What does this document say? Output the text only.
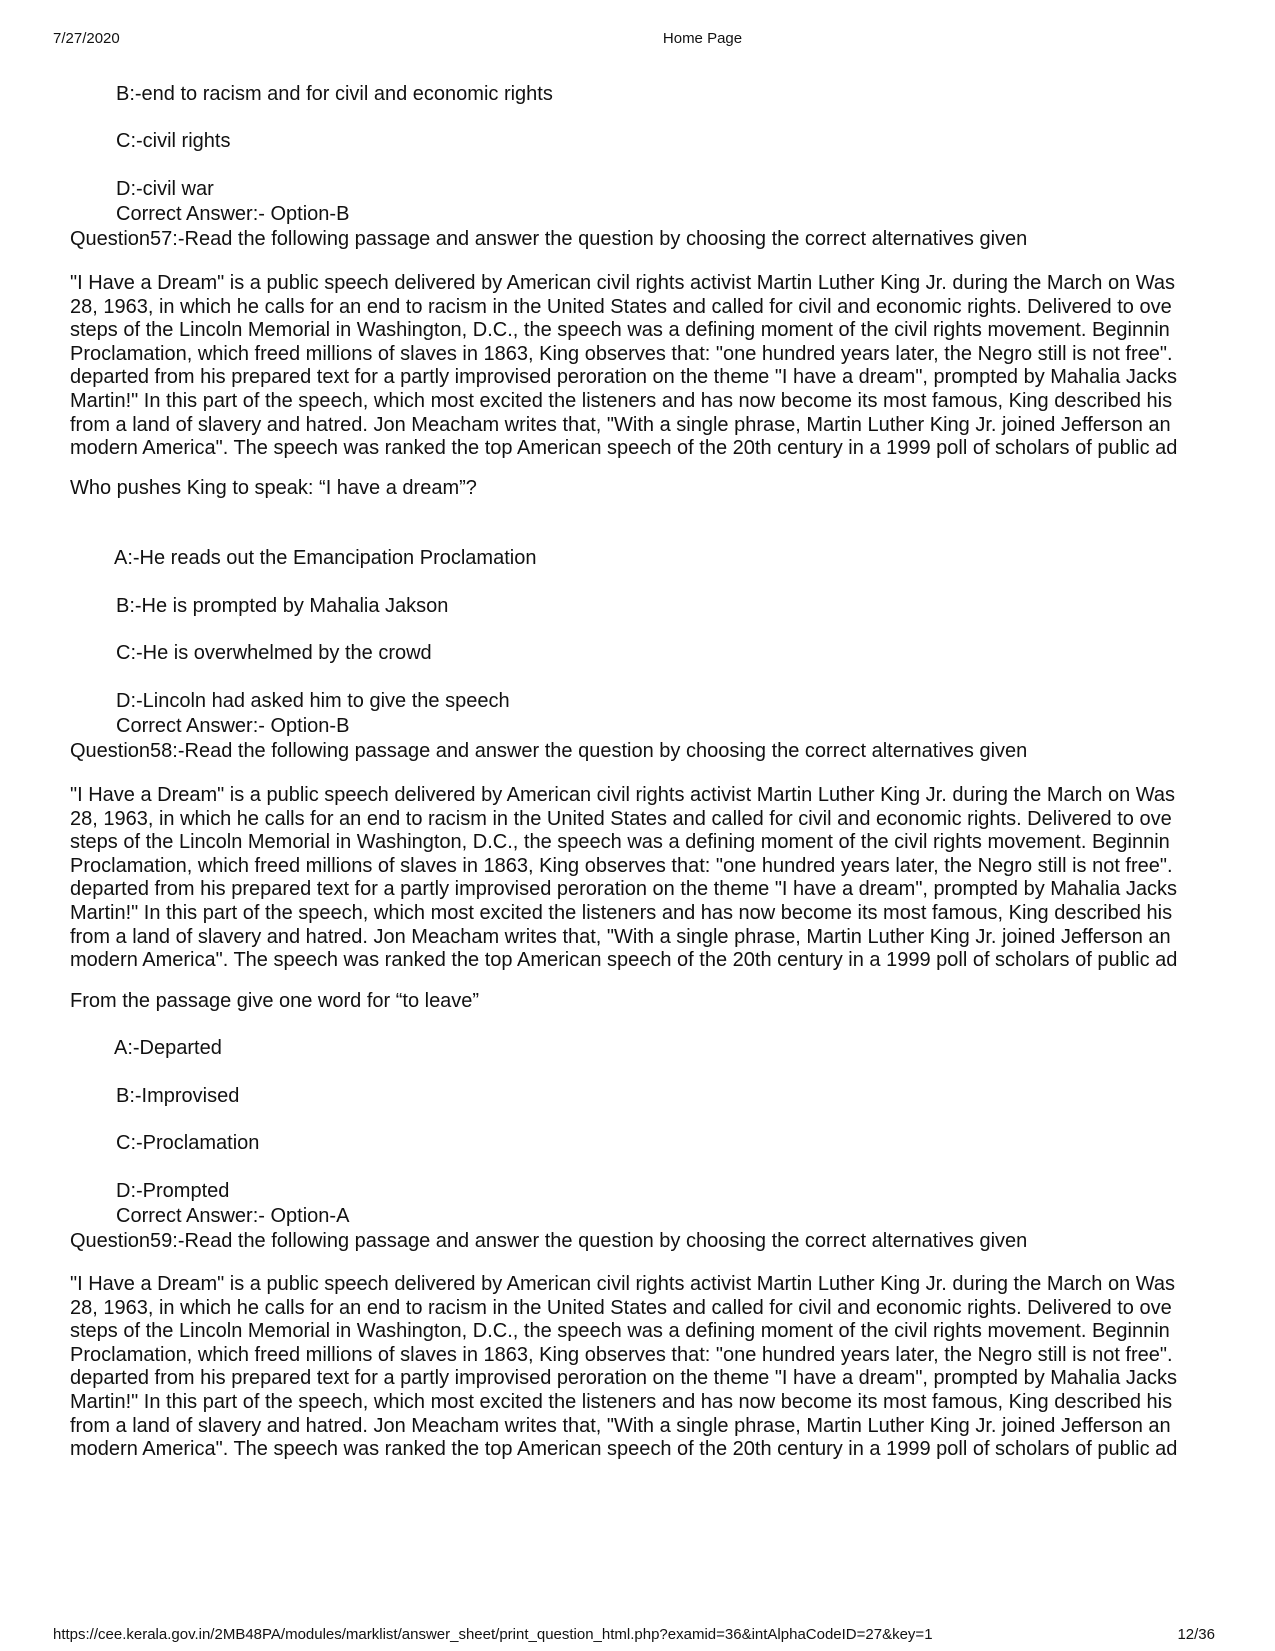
7/27/2020	Home Page
B:-end to racism and for civil and economic rights
C:-civil rights
D:-civil war
Correct Answer:- Option-B
Question57:-Read the following passage and answer the question by choosing the correct alternatives given
"I Have a Dream" is a public speech delivered by American civil rights activist Martin Luther King Jr. during the March on Was
28, 1963, in which he calls for an end to racism in the United States and called for civil and economic rights. Delivered to ove
steps of the Lincoln Memorial in Washington, D.C., the speech was a defining moment of the civil rights movement. Beginnin
Proclamation, which freed millions of slaves in 1863, King observes that: "one hundred years later, the Negro still is not free".
departed from his prepared text for a partly improvised peroration on the theme "I have a dream", prompted by Mahalia Jacks
Martin!" In this part of the speech, which most excited the listeners and has now become its most famous, King described his
from a land of slavery and hatred. Jon Meacham writes that, "With a single phrase, Martin Luther King Jr. joined Jefferson an
modern America". The speech was ranked the top American speech of the 20th century in a 1999 poll of scholars of public ad
Who pushes King to speak: “I have a dream”?
A:-He reads out the Emancipation Proclamation
B:-He is prompted by Mahalia Jakson
C:-He is overwhelmed by the crowd
D:-Lincoln had asked him to give the speech
Correct Answer:- Option-B
Question58:-Read the following passage and answer the question by choosing the correct alternatives given
"I Have a Dream" is a public speech delivered by American civil rights activist Martin Luther King Jr. during the March on Was
28, 1963, in which he calls for an end to racism in the United States and called for civil and economic rights. Delivered to ove
steps of the Lincoln Memorial in Washington, D.C., the speech was a defining moment of the civil rights movement. Beginnin
Proclamation, which freed millions of slaves in 1863, King observes that: "one hundred years later, the Negro still is not free".
departed from his prepared text for a partly improvised peroration on the theme "I have a dream", prompted by Mahalia Jacks
Martin!" In this part of the speech, which most excited the listeners and has now become its most famous, King described his
from a land of slavery and hatred. Jon Meacham writes that, "With a single phrase, Martin Luther King Jr. joined Jefferson an
modern America". The speech was ranked the top American speech of the 20th century in a 1999 poll of scholars of public ad
From the passage give one word for “to leave”
A:-Departed
B:-Improvised
C:-Proclamation
D:-Prompted
Correct Answer:- Option-A
Question59:-Read the following passage and answer the question by choosing the correct alternatives given
"I Have a Dream" is a public speech delivered by American civil rights activist Martin Luther King Jr. during the March on Was
28, 1963, in which he calls for an end to racism in the United States and called for civil and economic rights. Delivered to ove
steps of the Lincoln Memorial in Washington, D.C., the speech was a defining moment of the civil rights movement. Beginnin
Proclamation, which freed millions of slaves in 1863, King observes that: "one hundred years later, the Negro still is not free".
departed from his prepared text for a partly improvised peroration on the theme "I have a dream", prompted by Mahalia Jacks
Martin!" In this part of the speech, which most excited the listeners and has now become its most famous, King described his
from a land of slavery and hatred. Jon Meacham writes that, "With a single phrase, Martin Luther King Jr. joined Jefferson an
modern America". The speech was ranked the top American speech of the 20th century in a 1999 poll of scholars of public ad
https://cee.kerala.gov.in/2MB48PA/modules/marklist/answer_sheet/print_question_html.php?examid=36&intAlphaCodeID=27&key=1	12/36
